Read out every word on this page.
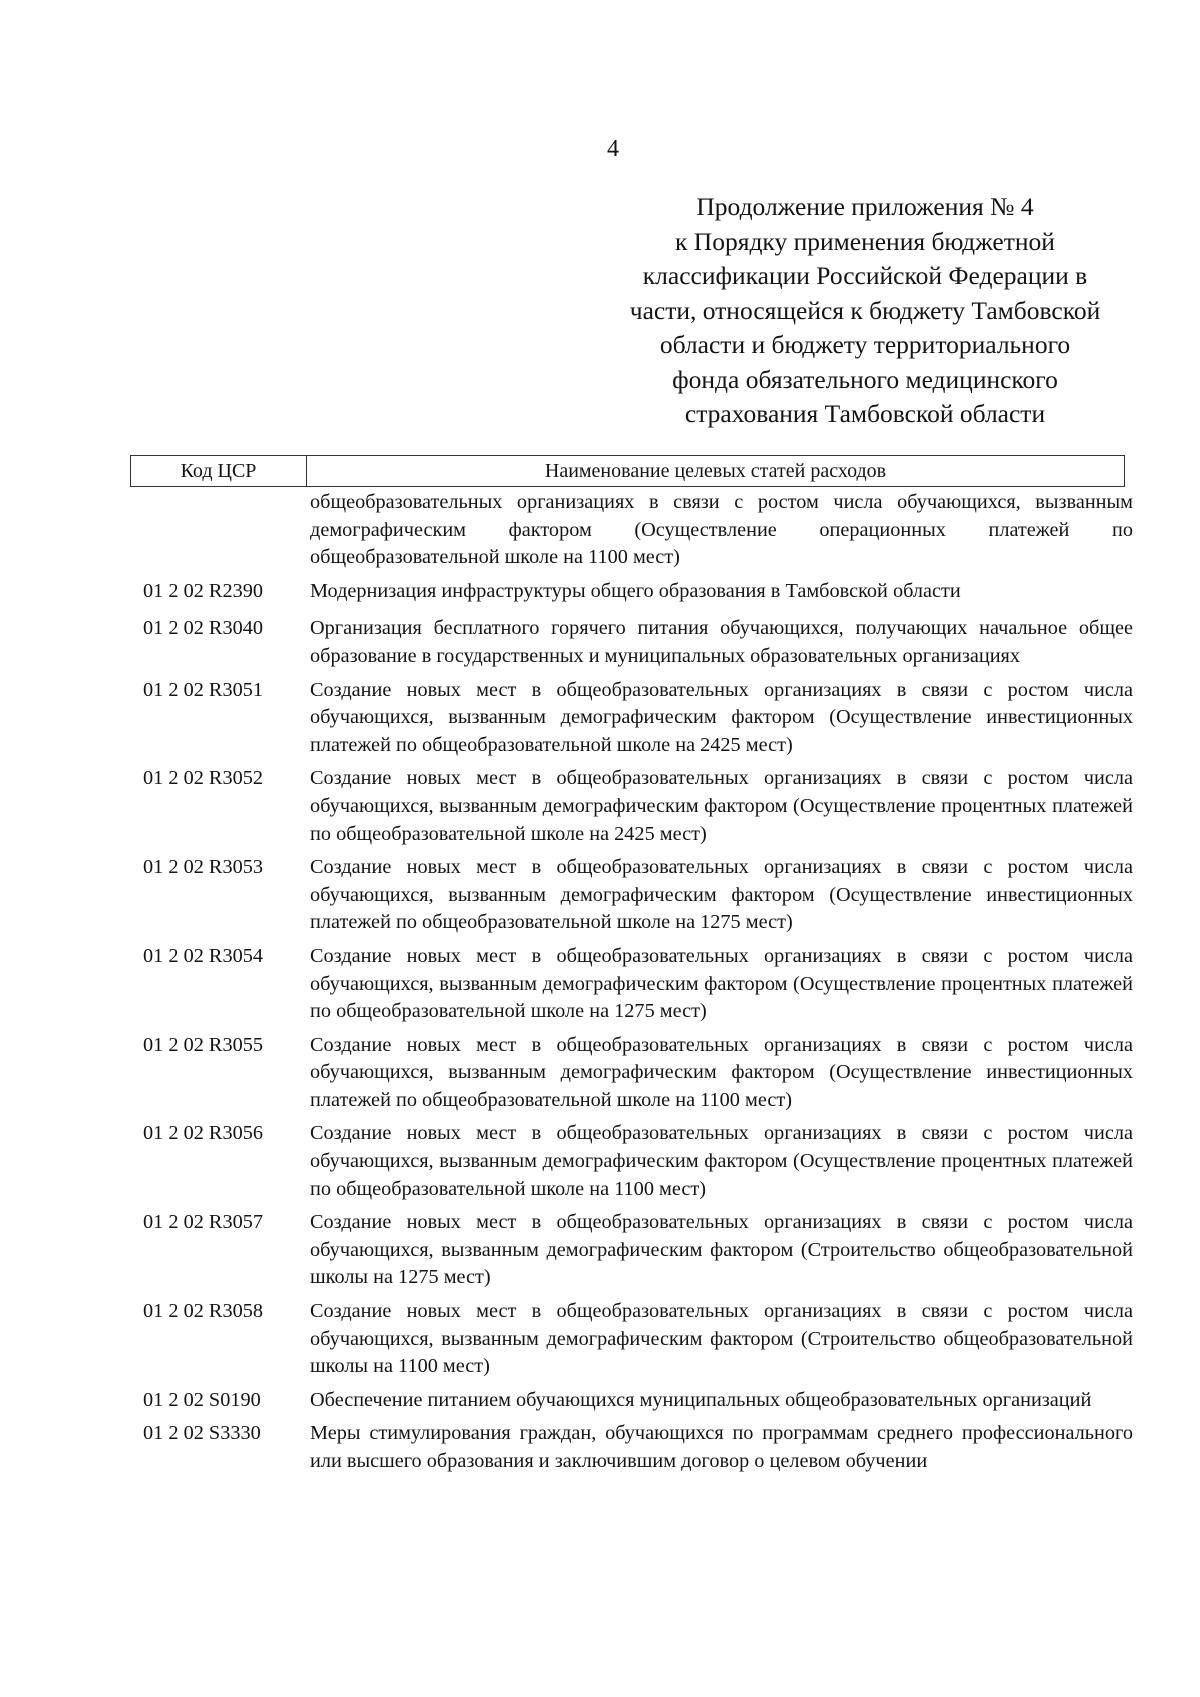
4
Продолжение приложения № 4
к Порядку применения бюджетной
классификации Российской Федерации в
части, относящейся к бюджету Тамбовской
области и бюджету территориального
фонда обязательного медицинского
страхования Тамбовской области
Код ЦСР	Наименование целевых статей расходов
общеобразовательных организациях в связи с ростом числа обучающихся, вызванным демографическим фактором (Осуществление операционных платежей по общеобразовательной школе на 1100 мест)
01 2 02 R2390	Модернизация инфраструктуры общего образования в Тамбовской области
01 2 02 R3040	Организация бесплатного горячего питания обучающихся, получающих начальное общее образование в государственных и муниципальных образовательных организациях
01 2 02 R3051	Создание новых мест в общеобразовательных организациях в связи с ростом числа обучающихся, вызванным демографическим фактором (Осуществление инвестиционных платежей по общеобразовательной школе на 2425 мест)
01 2 02 R3052	Создание новых мест в общеобразовательных организациях в связи с ростом числа обучающихся, вызванным демографическим фактором (Осуществление процентных платежей по общеобразовательной школе на 2425 мест)
01 2 02 R3053	Создание новых мест в общеобразовательных организациях в связи с ростом числа обучающихся, вызванным демографическим фактором (Осуществление инвестиционных платежей по общеобразовательной школе на 1275 мест)
01 2 02 R3054	Создание новых мест в общеобразовательных организациях в связи с ростом числа обучающихся, вызванным демографическим фактором (Осуществление процентных платежей по общеобразовательной школе на 1275 мест)
01 2 02 R3055	Создание новых мест в общеобразовательных организациях в связи с ростом числа обучающихся, вызванным демографическим фактором (Осуществление инвестиционных платежей по общеобразовательной школе на 1100 мест)
01 2 02 R3056	Создание новых мест в общеобразовательных организациях в связи с ростом числа обучающихся, вызванным демографическим фактором (Осуществление процентных платежей по общеобразовательной школе на 1100 мест)
01 2 02 R3057	Создание новых мест в общеобразовательных организациях в связи с ростом числа обучающихся, вызванным демографическим фактором (Строительство общеобразовательной школы на 1275 мест)
01 2 02 R3058	Создание новых мест в общеобразовательных организациях в связи с ростом числа обучающихся, вызванным демографическим фактором (Строительство общеобразовательной школы на 1100 мест)
01 2 02 S0190	Обеспечение питанием обучающихся муниципальных общеобразовательных организаций
01 2 02 S3330	Меры стимулирования граждан, обучающихся по программам среднего профессионального или высшего образования и заключившим договор о целевом обучении
